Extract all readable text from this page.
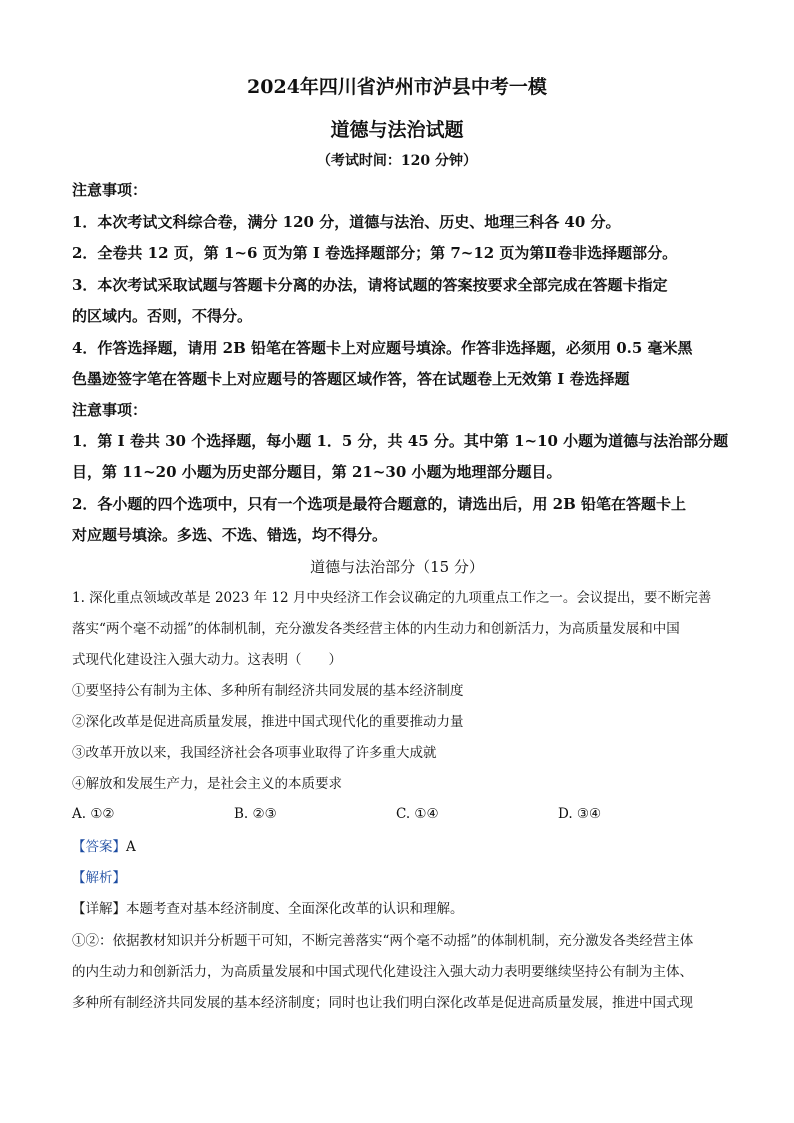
2024年四川省泸州市泸县中考一模
道德与法治试题
（考试时间：120 分钟）
注意事项：
1．本次考试文科综合卷，满分 120 分，道德与法治、历史、地理三科各 40 分。
2．全卷共 12 页，第 1~6 页为第 I 卷选择题部分；第 7~12 页为第Ⅱ卷非选择题部分。
3．本次考试采取试题与答题卡分离的办法，请将试题的答案按要求全部完成在答题卡指定
的区域内。否则，不得分。
4．作答选择题，请用 2B 铅笔在答题卡上对应题号填涂。作答非选择题，必须用 0.5 毫米黑
色墨迹签字笔在答题卡上对应题号的答题区域作答，答在试题卷上无效第 I 卷选择题
注意事项：
1．第 I 卷共 30 个选择题，每小题 1．5 分，共 45 分。其中第 1~10 小题为道德与法治部分题
目，第 11~20 小题为历史部分题目，第 21~30 小题为地理部分题目。
2．各小题的四个选项中，只有一个选项是最符合题意的，请选出后，用 2B 铅笔在答题卡上
对应题号填涂。多选、不选、错选，均不得分。
道德与法治部分（15 分）
1. 深化重点领域改革是 2023 年 12 月中央经济工作会议确定的九项重点工作之一。会议提出，要不断完善
落实“两个毫不动摇”的体制机制，充分激发各类经营主体的内生动力和创新活力，为高质量发展和中国
式现代化建设注入强大动力。这表明（　　）
①要坚持公有制为主体、多种所有制经济共同发展的基本经济制度
②深化改革是促进高质量发展，推进中国式现代化的重要推动力量
③改革开放以来，我国经济社会各项事业取得了许多重大成就
④解放和发展生产力，是社会主义的本质要求
A. ①②	B. ②③	C. ①④	D. ③④
【答案】A
【解析】
【详解】本题考查对基本经济制度、全面深化改革的认识和理解。
①②：依据教材知识并分析题干可知，不断完善落实“两个毫不动摇”的体制机制，充分激发各类经营主体
的内生动力和创新活力，为高质量发展和中国式现代化建设注入强大动力表明要继续坚持公有制为主体、
多种所有制经济共同发展的基本经济制度；同时也让我们明白深化改革是促进高质量发展，推进中国式现
